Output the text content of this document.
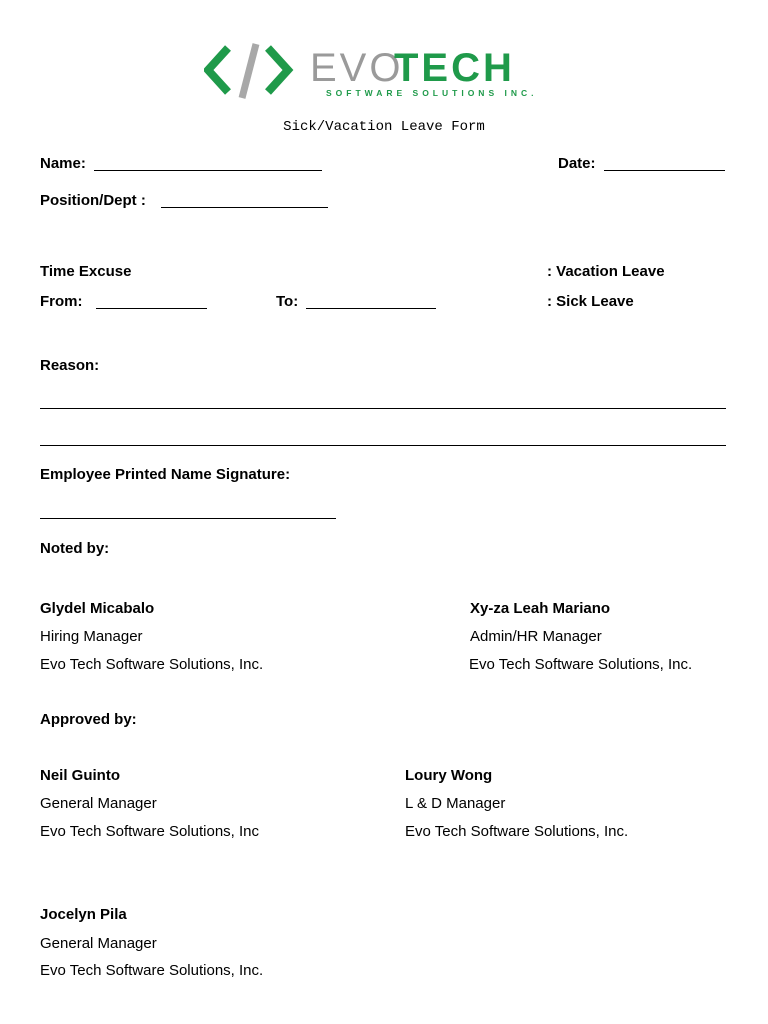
EVO
TECH
SOFTWARE SOLUTIONS INC.
Sick/Vacation Leave Form
Name:	Date:
Position/Dept :
Time Excuse	: Vacation Leave
From:	To:	: Sick Leave
Reason:
Employee Printed Name Signature:
Noted by:
Glydel Micabalo
Hiring Manager
Evo Tech Software Solutions, Inc.
Xy-za Leah Mariano
Admin/HR Manager
Evo Tech Software Solutions, Inc.
Approved by:
Neil Guinto
General Manager
Evo Tech Software Solutions, Inc
Loury Wong
L & D Manager
Evo Tech Software Solutions, Inc.
Jocelyn Pila
General Manager
Evo Tech Software Solutions, Inc.
